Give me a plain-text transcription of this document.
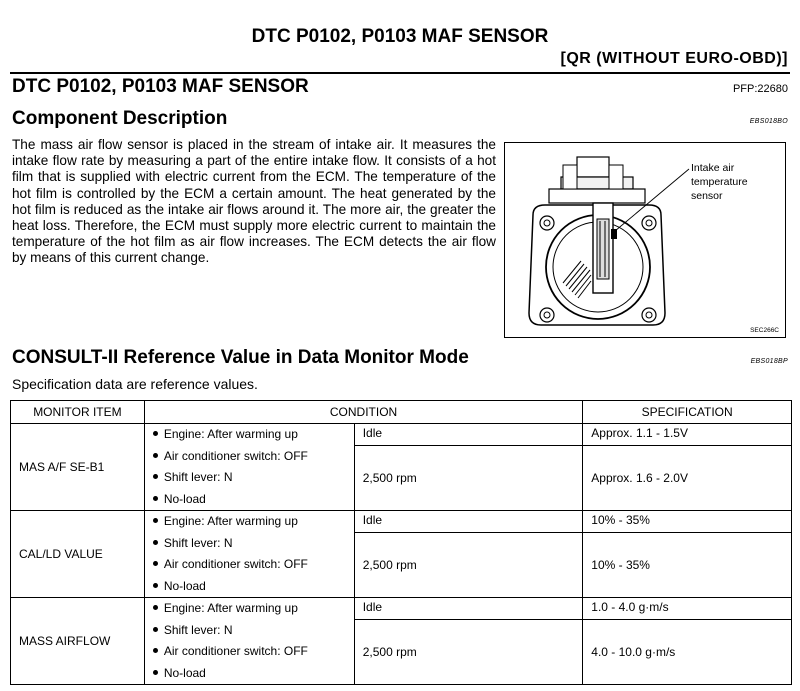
DTC P0102, P0103 MAF SENSOR
[QR (WITHOUT EURO-OBD)]
DTC P0102, P0103 MAF SENSOR	PFP:22680
Component Description	EBS018BO

The mass air flow sensor is placed in the stream of intake air. It measures the intake flow rate by measuring a part of the entire intake flow. It consists of a hot film that is supplied with electric current from the ECM. The temperature of the hot film is controlled by the ECM a certain amount. The heat generated by the hot film is reduced as the intake air flows around it. The more air, the greater the heat loss. Therefore, the ECM must supply more electric current to maintain the temperature of the hot film as air flow increases. The ECM detects the air flow by means of this current change.

Intake air
temperature
sensor
SEC266C
CONSULT-II Reference Value in Data Monitor Mode	EBS018BP

Specification data are reference values.

MONITOR ITEM	CONDITION		SPECIFICATION
MAS A/F SE-B1	Engine: After warming up
Air conditioner switch: OFF
Shift lever: N
No-load	Idle	Approx. 1.1 - 1.5V
		2,500 rpm	Approx. 1.6 - 2.0V
CAL/LD VALUE	Engine: After warming up
Shift lever: N
Air conditioner switch: OFF
No-load	Idle	10% - 35%
		2,500 rpm	10% - 35%
MASS AIRFLOW	Engine: After warming up
Shift lever: N
Air conditioner switch: OFF
No-load	Idle	1.0 - 4.0 g·m/s
		2,500 rpm	4.0 - 10.0 g·m/s
